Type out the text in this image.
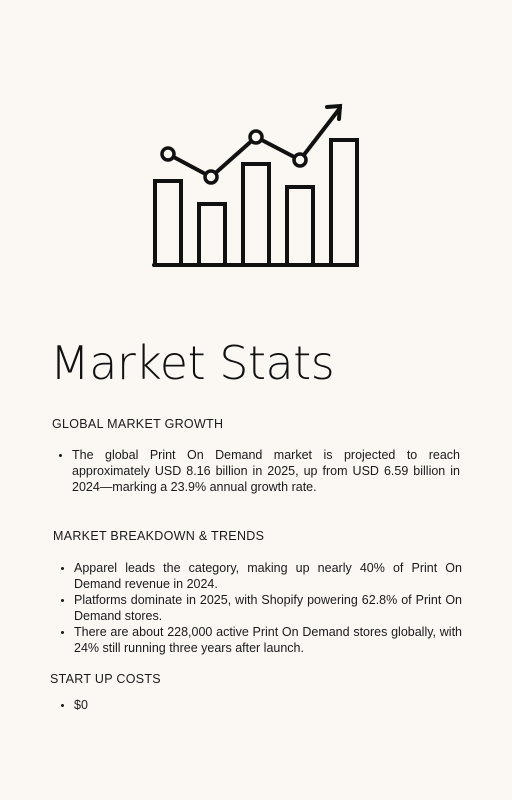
Market Stats
GLOBAL MARKET GROWTH
• The global Print On Demand market is projected to reach approximately USD 8.16 billion in 2025, up from USD 6.59 billion in 2024—marking a 23.9% annual growth rate.
MARKET BREAKDOWN & TRENDS
• Apparel leads the category, making up nearly 40% of Print On Demand revenue in 2024.
• Platforms dominate in 2025, with Shopify powering 62.8% of Print On Demand stores.
• There are about 228,000 active Print On Demand stores globally, with 24% still running three years after launch.
START UP COSTS
• $0
